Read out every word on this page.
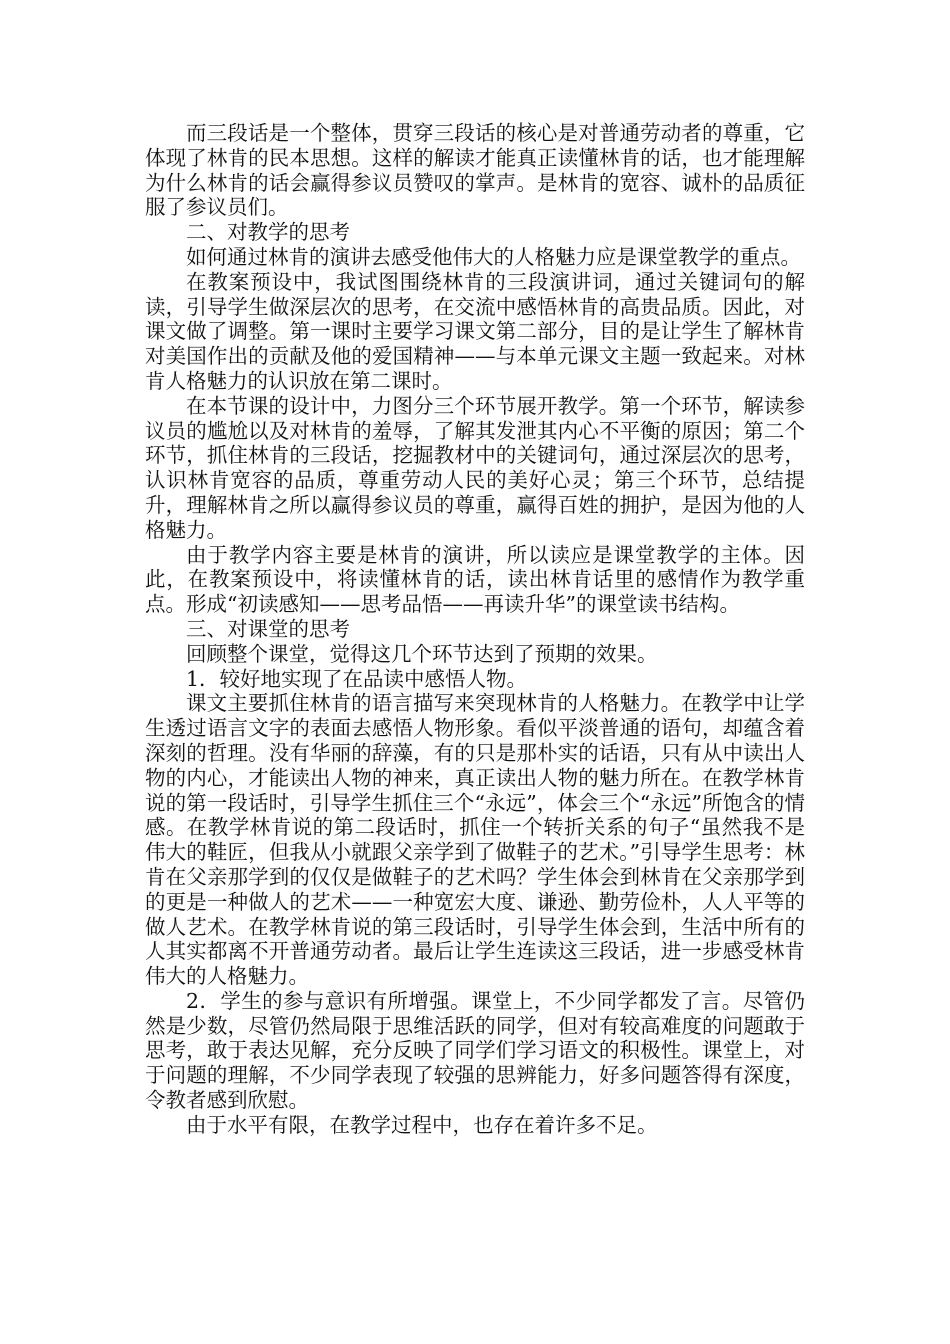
而三段话是一个整体，贯穿三段话的核心是对普通劳动者的尊重，它体现了林肯的民本思想。这样的解读才能真正读懂林肯的话，也才能理解为什么林肯的话会赢得参议员赞叹的掌声。是林肯的宽容、诚朴的品质征服了参议员们。

二、对教学的思考

如何通过林肯的演讲去感受他伟大的人格魅力应是课堂教学的重点。

在教案预设中，我试图围绕林肯的三段演讲词，通过关键词句的解读，引导学生做深层次的思考，在交流中感悟林肯的高贵品质。因此，对课文做了调整。第一课时主要学习课文第二部分，目的是让学生了解林肯对美国作出的贡献及他的爱国精神——与本单元课文主题一致起来。对林肯人格魅力的认识放在第二课时。

在本节课的设计中，力图分三个环节展开教学。第一个环节，解读参议员的尴尬以及对林肯的羞辱，了解其发泄其内心不平衡的原因；第二个环节，抓住林肯的三段话，挖掘教材中的关键词句，通过深层次的思考，认识林肯宽容的品质，尊重劳动人民的美好心灵；第三个环节，总结提升，理解林肯之所以赢得参议员的尊重，赢得百姓的拥护，是因为他的人格魅力。

由于教学内容主要是林肯的演讲，所以读应是课堂教学的主体。因此，在教案预设中，将读懂林肯的话，读出林肯话里的感情作为教学重点。形成“初读感知——思考品悟——再读升华”的课堂读书结构。

三、对课堂的思考

回顾整个课堂，觉得这几个环节达到了预期的效果。

1．较好地实现了在品读中感悟人物。

课文主要抓住林肯的语言描写来突现林肯的人格魅力。在教学中让学生透过语言文字的表面去感悟人物形象。看似平淡普通的语句，却蕴含着深刻的哲理。没有华丽的辞藻，有的只是那朴实的话语，只有从中读出人物的内心，才能读出人物的神来，真正读出人物的魅力所在。在教学林肯说的第一段话时，引导学生抓住三个“永远”，体会三个“永远”所饱含的情感。在教学林肯说的第二段话时，抓住一个转折关系的句子“虽然我不是伟大的鞋匠，但我从小就跟父亲学到了做鞋子的艺术。”引导学生思考：林肯在父亲那学到的仅仅是做鞋子的艺术吗？学生体会到林肯在父亲那学到的更是一种做人的艺术——一种宽宏大度、谦逊、勤劳俭朴，人人平等的做人艺术。在教学林肯说的第三段话时，引导学生体会到，生活中所有的人其实都离不开普通劳动者。最后让学生连读这三段话，进一步感受林肯伟大的人格魅力。

2．学生的参与意识有所增强。课堂上，不少同学都发了言。尽管仍然是少数，尽管仍然局限于思维活跃的同学，但对有较高难度的问题敢于思考，敢于表达见解，充分反映了同学们学习语文的积极性。课堂上，对于问题的理解，不少同学表现了较强的思辨能力，好多问题答得有深度，令教者感到欣慰。

由于水平有限，在教学过程中，也存在着许多不足。
